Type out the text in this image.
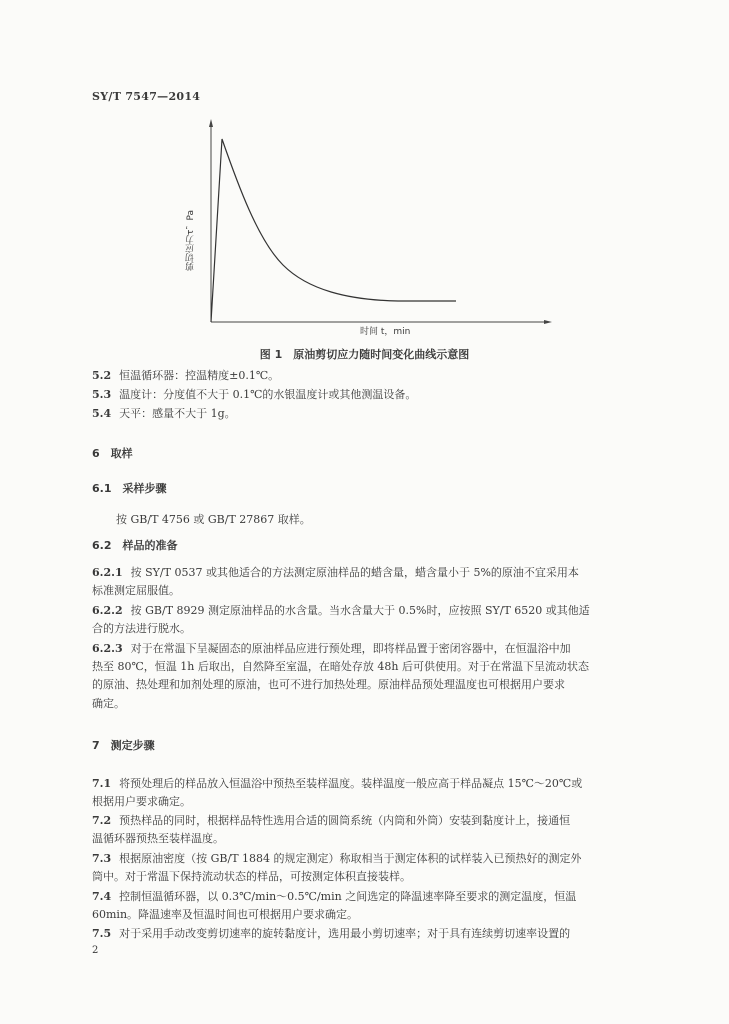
SY/T 7547—2014
剪切应力τ，Pa
时间 t，min
图 1　原油剪切应力随时间变化曲线示意图
5.2 恒温循环器：控温精度±0.1℃。
5.3 温度计：分度值不大于 0.1℃的水银温度计或其他测温设备。
5.4 天平：感量不大于 1g。
6　取样
6.1　采样步骤
按 GB/T 4756 或 GB/T 27867 取样。
6.2　样品的准备
6.2.1 按 SY/T 0537 或其他适合的方法测定原油样品的蜡含量，蜡含量小于 5%的原油不宜采用本
标准测定屈服值。
6.2.2 按 GB/T 8929 测定原油样品的水含量。当水含量大于 0.5%时，应按照 SY/T 6520 或其他适
合的方法进行脱水。
6.2.3 对于在常温下呈凝固态的原油样品应进行预处理，即将样品置于密闭容器中，在恒温浴中加
热至 80℃，恒温 1h 后取出，自然降至室温，在暗处存放 48h 后可供使用。对于在常温下呈流动状态
的原油、热处理和加剂处理的原油，也可不进行加热处理。原油样品预处理温度也可根据用户要求
确定。
7　测定步骤
7.1 将预处理后的样品放入恒温浴中预热至装样温度。装样温度一般应高于样品凝点 15℃～20℃或
根据用户要求确定。
7.2 预热样品的同时，根据样品特性选用合适的圆筒系统（内筒和外筒）安装到黏度计上，接通恒
温循环器预热至装样温度。
7.3 根据原油密度（按 GB/T 1884 的规定测定）称取相当于测定体积的试样装入已预热好的测定外
筒中。对于常温下保持流动状态的样品，可按测定体积直接装样。
7.4 控制恒温循环器，以 0.3℃/min～0.5℃/min 之间选定的降温速率降至要求的测定温度，恒温
60min。降温速率及恒温时间也可根据用户要求确定。
7.5 对于采用手动改变剪切速率的旋转黏度计，选用最小剪切速率；对于具有连续剪切速率设置的
2
